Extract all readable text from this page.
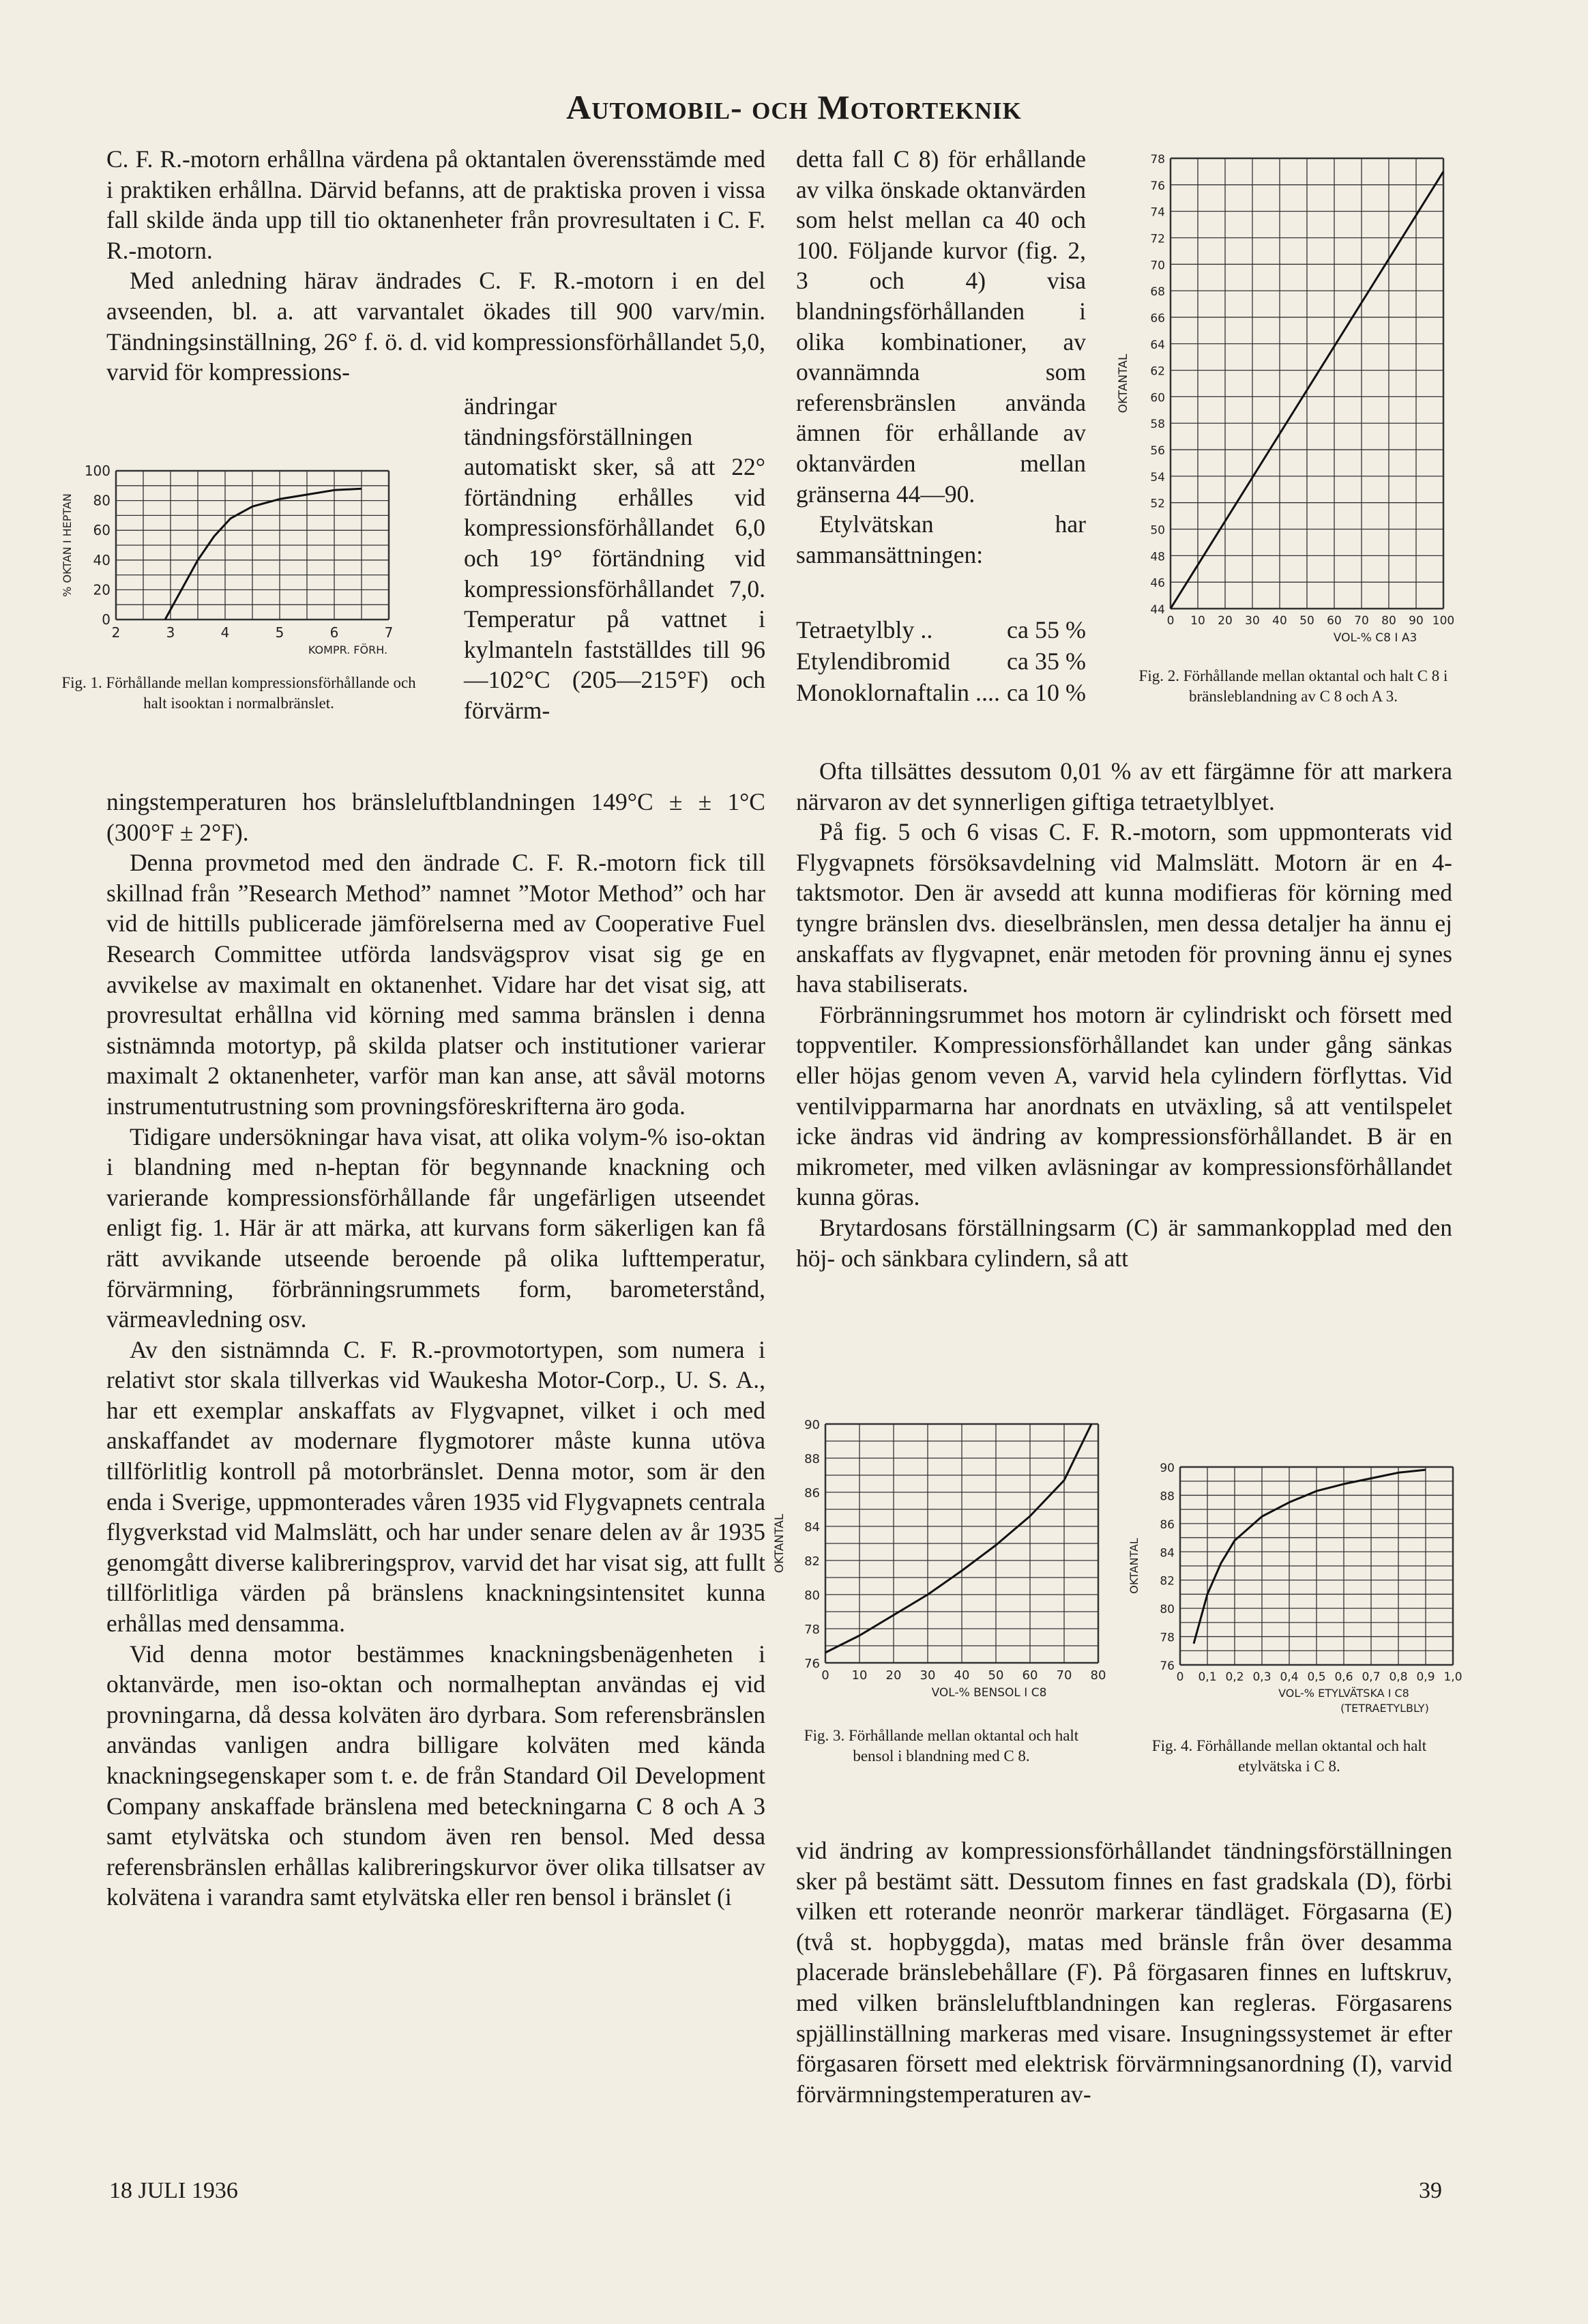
Automobil- och Motorteknik

C. F. R.-motorn erhållna värdena på oktantalen överensstämde med i praktiken erhållna. Därvid befanns, att de praktiska proven i vissa fall skilde ända upp till tio oktanenheter från provresultaten i C. F. R.-motorn.

Med anledning härav ändrades C. F. R.-motorn i en del avseenden, bl. a. att varvantalet ökades till 900 varv/min. Tändningsinställning, 26° f. ö. d. vid kompressionsförhållandet 5,0, varvid för kompressions-

0
20
40
60
80
100
2	3	4	5	6	7
% OKTAN I HEPTAN
KOMPR. FÖRH.
Fig. 1. Förhållande mellan kompressionsförhållande och halt isooktan i normalbränslet.

ändringar tändningsförställningen automatiskt sker, så att 22° förtändning erhålles vid kompressionsförhållandet 6,0 och 19° förtändning vid kompressionsförhållandet 7,0. Temperatur på vattnet i kylmanteln fastställdes till 96—102°C (205—215°F) och förvärm-

ningstemperaturen hos bränsleluftblandningen 149°C ± ± 1°C (300°F ± 2°F).

Denna provmetod med den ändrade C. F. R.-motorn fick till skillnad från ”Research Method” namnet ”Motor Method” och har vid de hittills publicerade jämförelserna med av Cooperative Fuel Research Committee utförda landsvägsprov visat sig ge en avvikelse av maximalt en oktanenhet. Vidare har det visat sig, att provresultat erhållna vid körning med samma bränslen i denna sistnämnda motortyp, på skilda platser och institutioner varierar maximalt 2 oktanenheter, varför man kan anse, att såväl motorns instrumentutrustning som provningsföreskrifterna äro goda.

Tidigare undersökningar hava visat, att olika volym-% iso-oktan i blandning med n-heptan för begynnande knackning och varierande kompressionsförhållande får ungefärligen utseendet enligt fig. 1. Här är att märka, att kurvans form säkerligen kan få rätt avvikande utseende beroende på olika lufttemperatur, förvärmning, förbränningsrummets form, barometerstånd, värmeavledning osv.

Av den sistnämnda C. F. R.-provmotortypen, som numera i relativt stor skala tillverkas vid Waukesha Motor-Corp., U. S. A., har ett exemplar anskaffats av Flygvapnet, vilket i och med anskaffandet av modernare flygmotorer måste kunna utöva tillförlitlig kontroll på motorbränslet. Denna motor, som är den enda i Sverige, uppmonterades våren 1935 vid Flygvapnets centrala flygverkstad vid Malmslätt, och har under senare delen av år 1935 genomgått diverse kalibreringsprov, varvid det har visat sig, att fullt tillförlitliga värden på bränslens knackningsintensitet kunna erhållas med densamma.

Vid denna motor bestämmes knackningsbenägenheten i oktanvärde, men iso-oktan och normalheptan användas ej vid provningarna, då dessa kolväten äro dyrbara. Som referensbränslen användas vanligen andra billigare kolväten med kända knackningsegenskaper som t. e. de från Standard Oil Development Company anskaffade bränslena med beteckningarna C 8 och A 3 samt etylvätska och stundom även ren bensol. Med dessa referensbränslen erhållas kalibreringskurvor över olika tillsatser av kolvätena i varandra samt etylvätska eller ren bensol i bränslet (i

detta fall C 8) för erhållande av vilka önskade oktanvärden som helst mellan ca 40 och 100. Följande kurvor (fig. 2, 3 och 4) visa blandningsförhållanden i olika kombinationer, av ovannämnda som referensbränslen använda ämnen för erhållande av oktanvärden mellan gränserna 44—90.

Etylvätskan har sammansättningen:

Tetraetylbly ..	ca 55 %
Etylendibromid ca 35 %
Monoklornaftalin .... ca 10 %
44
46
48
50
52
54
56
58
60
62
64
66
68
70
72
74
76
78
0 10 20 30 40 50 60 70 80 90 100
OKTANTAL
VOL-% C8 I A3
Fig. 2. Förhållande mellan oktantal och halt C 8 i bränsleblandning av C 8 och A 3.

Ofta tillsättes dessutom 0,01 % av ett färgämne för att markera närvaron av det synnerligen giftiga tetraetylblyet.

På fig. 5 och 6 visas C. F. R.-motorn, som uppmonterats vid Flygvapnets försöksavdelning vid Malmslätt. Motorn är en 4-taktsmotor. Den är avsedd att kunna modifieras för körning med tyngre bränslen dvs. dieselbränslen, men dessa detaljer ha ännu ej anskaffats av flygvapnet, enär metoden för provning ännu ej synes hava stabiliserats.

Förbränningsrummet hos motorn är cylindriskt och försett med toppventiler. Kompressionsförhållandet kan under gång sänkas eller höjas genom veven A, varvid hela cylindern förflyttas. Vid ventilvipparmarna har anordnats en utväxling, så att ventilspelet icke ändras vid ändring av kompressionsförhållandet. B är en mikrometer, med vilken avläsningar av kompressionsförhållandet kunna göras.

Brytardosans förställningsarm (C) är sammankopplad med den höj- och sänkbara cylindern, så att

76
78
80
82
84
86
88
90
0 10 20 30 40 50 60 70 80
OKTANTAL
VOL-% BENSOL I C8
Fig. 3. Förhållande mellan oktantal och halt bensol i blandning med C 8.
76
78
80
82
84
86
88
90
0 0,1 0,2 0,3 0,4 0,5 0,6 0,7 0,8 0,9 1,0
OKTANTAL
VOL-% ETYLVÄTSKA I C8
(TETRAETYLBLY)
Fig. 4. Förhållande mellan oktantal och halt etylvätska i C 8.

vid ändring av kompressionsförhållandet tändningsförställningen sker på bestämt sätt. Dessutom finnes en fast gradskala (D), förbi vilken ett roterande neonrör markerar tändläget. Förgasarna (E) (två st. hopbyggda), matas med bränsle från över desamma placerade bränslebehållare (F). På förgasaren finnes en luftskruv, med vilken bränsleluftblandningen kan regleras. Förgasarens spjällinställning markeras med visare. Insugningssystemet är efter förgasaren försett med elektrisk förvärmningsanordning (I), varvid förvärmningstemperaturen av-

18 JULI 1936	39
